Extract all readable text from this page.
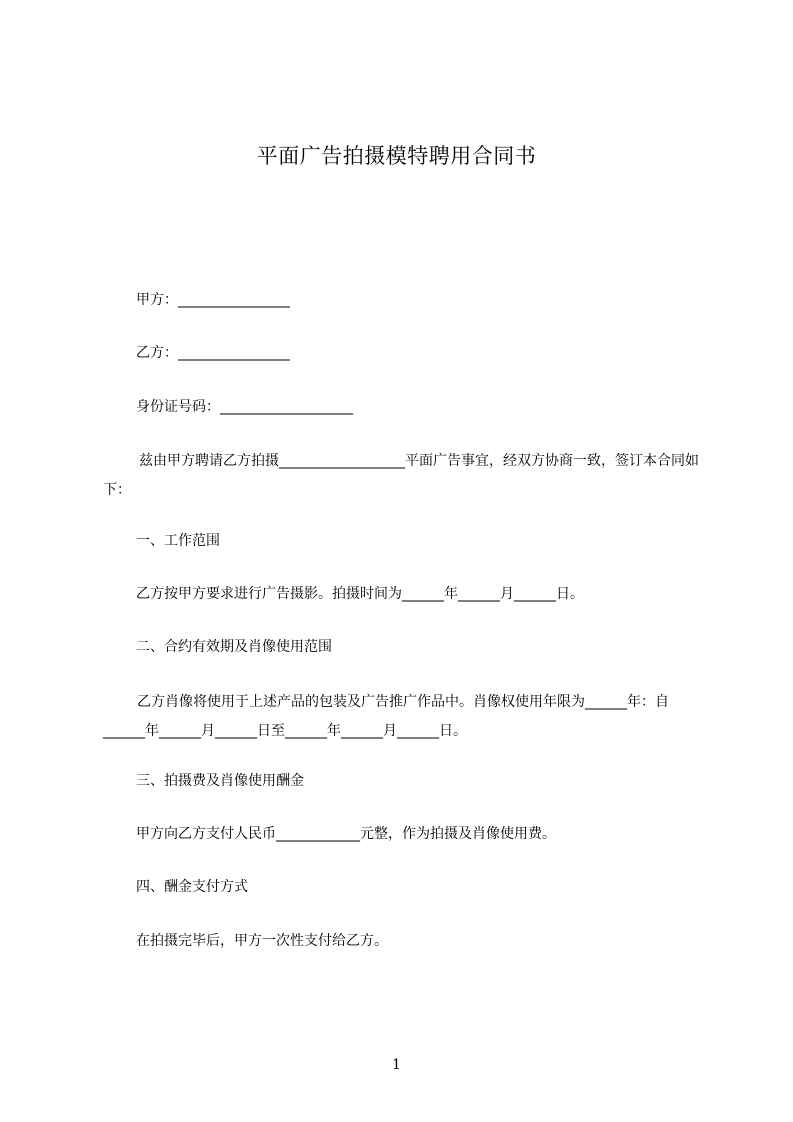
平面广告拍摄模特聘用合同书
甲方：________________
乙方：________________
身份证号码：___________________
兹由甲方聘请乙方拍摄__________________平面广告事宜，经双方协商一致，签订本合同如下：
一、工作范围
乙方按甲方要求进行广告摄影。拍摄时间为______年______月______日。
二、合约有效期及肖像使用范围
乙方肖像将使用于上述产品的包装及广告推广作品中。肖像权使用年限为______年：自______年______月______日至______年______月______日。
三、拍摄费及肖像使用酬金
甲方向乙方支付人民币____________元整，作为拍摄及肖像使用费。
四、酬金支付方式
在拍摄完毕后，甲方一次性支付给乙方。
1
